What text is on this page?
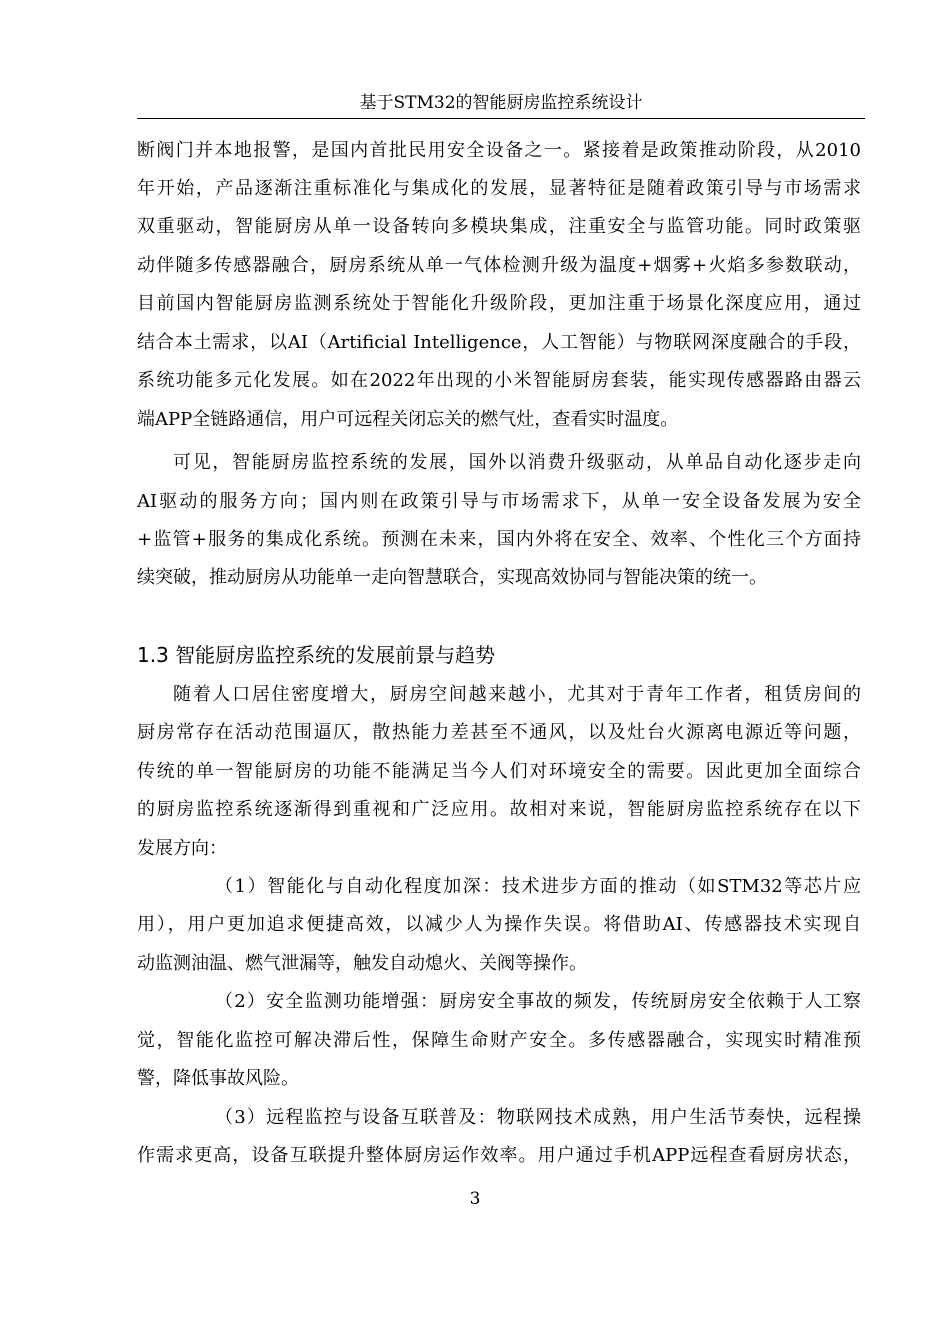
基于STM32的智能厨房监控系统设计
断阀门并本地报警，是国内首批民用安全设备之一。紧接着是政策推动阶段，从2010
年开始，产品逐渐注重标准化与集成化的发展，显著特征是随着政策引导与市场需求
双重驱动，智能厨房从单一设备转向多模块集成，注重安全与监管功能。同时政策驱
动伴随多传感器融合，厨房系统从单一气体检测升级为温度+烟雾+火焰多参数联动，
目前国内智能厨房监测系统处于智能化升级阶段，更加注重于场景化深度应用，通过
结合本土需求，以AI（Artificial Intelligence，人工智能）与物联网深度融合的手段，
系统功能多元化发展。如在2022年出现的小米智能厨房套装，能实现传感器路由器云
端APP全链路通信，用户可远程关闭忘关的燃气灶，查看实时温度。
可见，智能厨房监控系统的发展，国外以消费升级驱动，从单品自动化逐步走向
AI驱动的服务方向；国内则在政策引导与市场需求下，从单一安全设备发展为安全
+监管+服务的集成化系统。预测在未来，国内外将在安全、效率、个性化三个方面持
续突破，推动厨房从功能单一走向智慧联合，实现高效协同与智能决策的统一。
1.3 智能厨房监控系统的发展前景与趋势
随着人口居住密度增大，厨房空间越来越小，尤其对于青年工作者，租赁房间的
厨房常存在活动范围逼仄，散热能力差甚至不通风，以及灶台火源离电源近等问题，
传统的单一智能厨房的功能不能满足当今人们对环境安全的需要。因此更加全面综合
的厨房监控系统逐渐得到重视和广泛应用。故相对来说，智能厨房监控系统存在以下
发展方向：
（1）智能化与自动化程度加深：技术进步方面的推动（如STM32等芯片应
用），用户更加追求便捷高效，以减少人为操作失误。将借助AI、传感器技术实现自
动监测油温、燃气泄漏等，触发自动熄火、关阀等操作。
（2）安全监测功能增强：厨房安全事故的频发，传统厨房安全依赖于人工察
觉，智能化监控可解决滞后性，保障生命财产安全。多传感器融合，实现实时精准预
警，降低事故风险。
（3）远程监控与设备互联普及：物联网技术成熟，用户生活节奏快，远程操
作需求更高，设备互联提升整体厨房运作效率。用户通过手机APP远程查看厨房状态，
3
